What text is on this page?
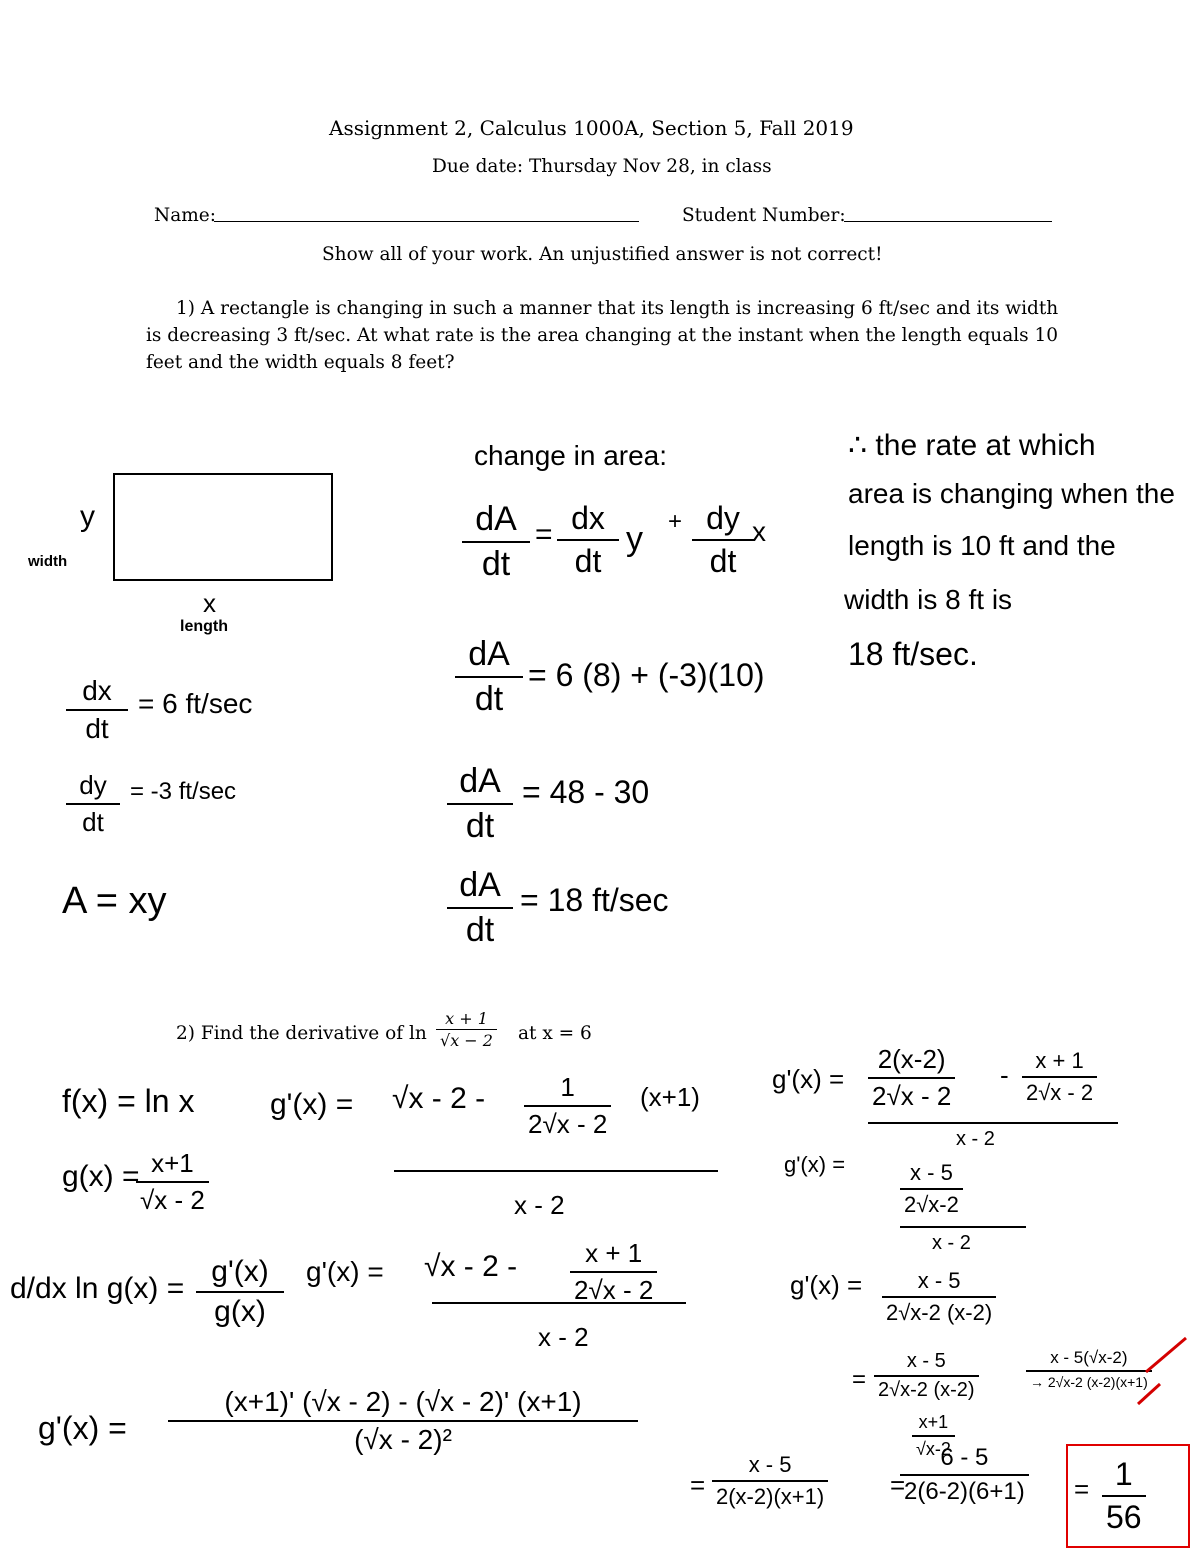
Assignment 2, Calculus 1000A, Section 5, Fall 2019
Due date: Thursday Nov 28, in class
Name:	Student Number:
Show all of your work. An unjustified answer is not correct!
1) A rectangle is changing in such a manner that its length is increasing 6 ft/sec and its width
is decreasing 3 ft/sec. At what rate is the area changing at the instant when the length equals 10
feet and the width equals 8 feet?
y
width
x
length
$\frac{dx}{dt} = 6$ ft/sec
$\frac{dy}{dt} = -3$ ft/sec
A = xy
change in area:
$\frac{dA}{dt} = \frac{dx}{dt}$ $y + \frac{dy}{dt}$
x
$\frac{dA}{dt} = 6$ (8) + (-3)(10)
$\frac{dA}{dt} = 48 - 30$
$\frac{dA}{dt} = 18$ ft/sec
∴ the rate at which
area is changing when the
length is 10 ft and the
width is 8 ft is
18 ft/sec.
2) Find the derivative of $\ln \frac{x + 1}{√x - 2}$ at x = 6
f(x) = ln x
g(x) =
$\frac{x+1}{√x - 2}$
d/dx $\ln g(x) = \frac{g'(x)}{g(x)}$
$g'(x) = \frac{(x+1)' (√x - 2) - (√x - 2)' (x+1)}{\text{(√x - 2)²}}$
$g'(x) = √x - 2 - \frac{1}{2√x - 2} (x+1)$
x - 2
$g'(x) = √x - 2 - \frac{x + 1}{2√x - 2}$
x - 2
$g'(x) = \frac{2(x-2)}{2√x - 2} - \frac{x + 1}{2√x - 2}$
x - 2
$g'(x) = \frac{x - 5}{2√x-2}$
x - 2
$g'(x) = \frac{x - 5}{2√x-2 (x-2)}$
= $\frac{x - 5}{2√x-2 (x-2)}$
$\frac{x+1}{√x-2}$
x - 5(√x-2)
→ 2√x-2 (x-2)(x+1)
= $\frac{x - 5}{2(x-2)(x+1)}$ =
$\frac{6 - 5}{2(6-2)(6+1)} = \frac{1}{56}$
